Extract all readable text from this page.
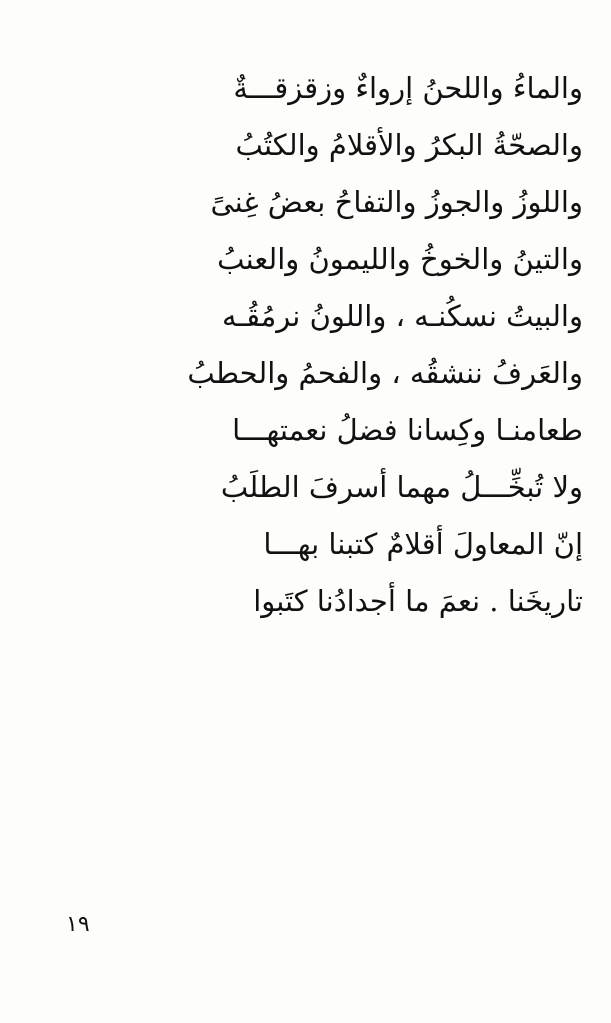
والماءُ واللحنُ إرواءٌ وزقزقـــةٌ
والصحّةُ البكرُ والأقلامُ والكتُبُ
واللوزُ والجوزُ والتفاحُ بعضُ غِنىً
والتينُ والخوخُ والليمونُ والعنبُ
والبيتُ نسكُنـه ، واللونُ نرمُقُـه
والعَرفُ ننشقُه ، والفحمُ والحطبُ
طعامنـا وكِسانا فضلُ نعمتهـــا
ولا تُبخِّـــلُ مهما أسرفَ الطلَبُ
إنّ المعاولَ أقلامٌ كتبنا بهـــا
تاريخَنا . نعمَ ما أجدادُنا كتَبوا
١٩
